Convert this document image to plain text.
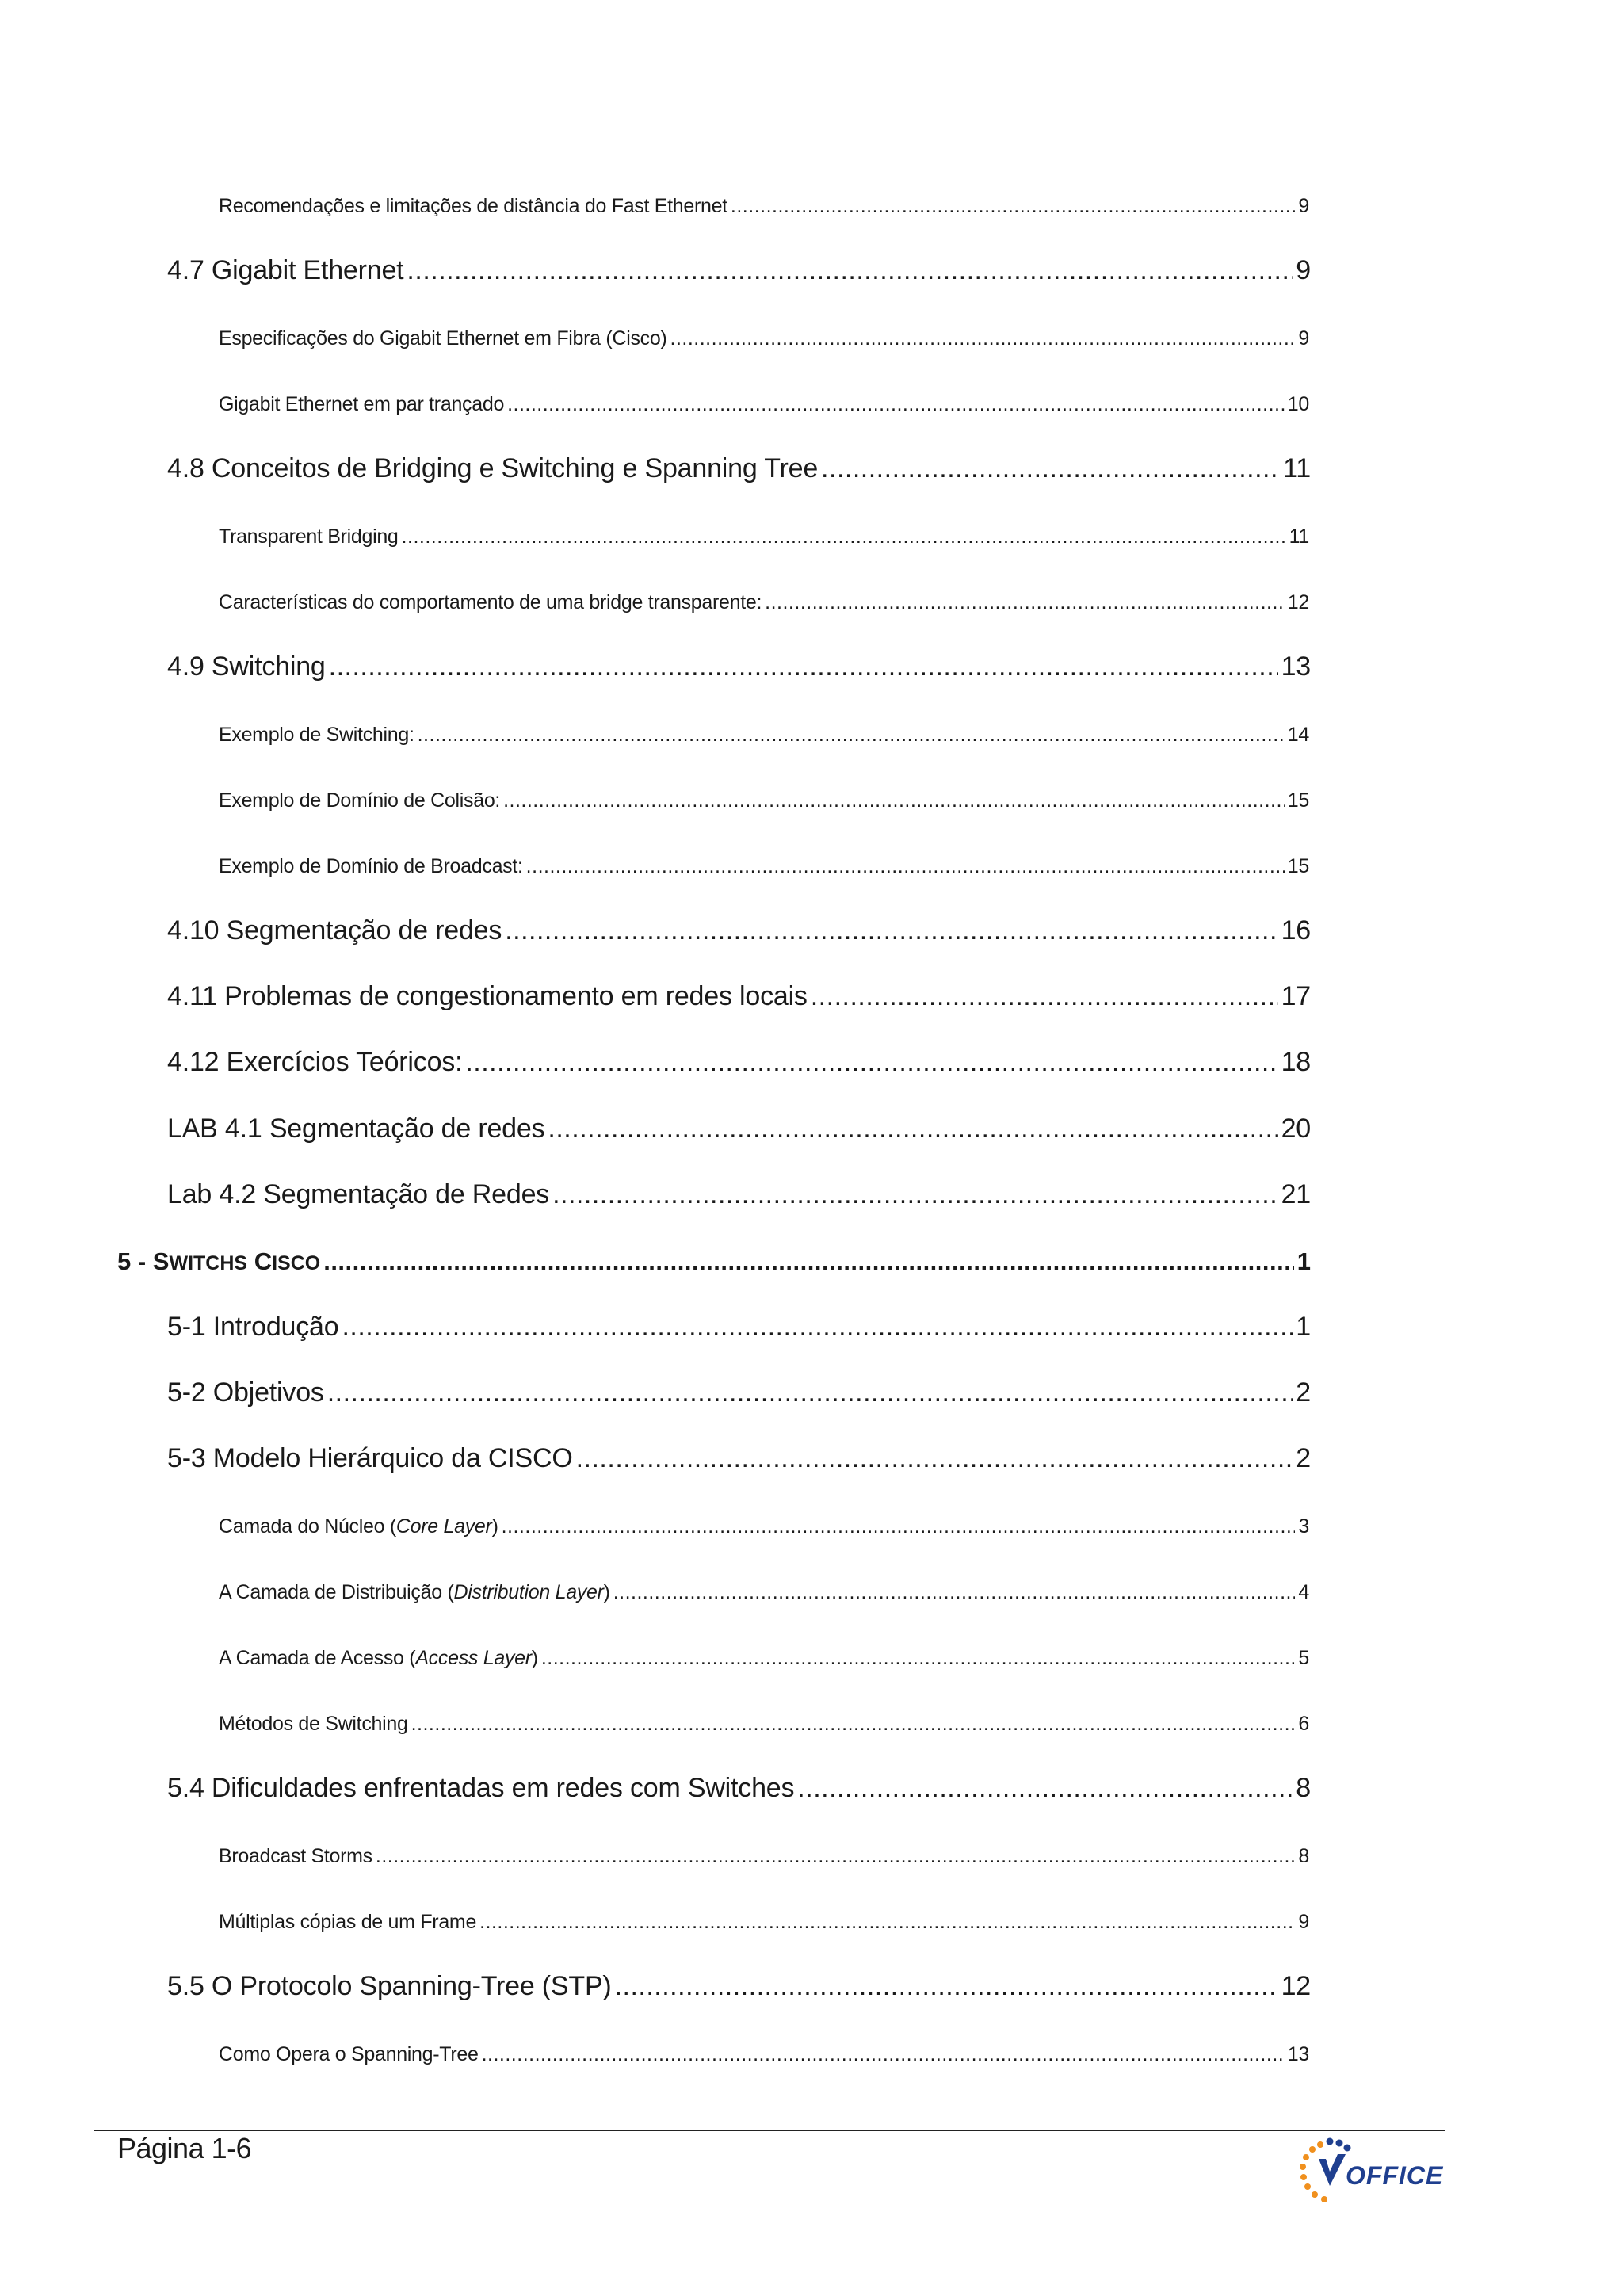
Recomendações e limitações de distância do Fast Ethernet .....	9
4.7 Gigabit Ethernet .....	9
Especificações do Gigabit Ethernet em Fibra (Cisco) .....	9
Gigabit Ethernet em par trançado .....	10
4.8 Conceitos de Bridging e Switching e Spanning Tree .....	11
Transparent Bridging .....	11
Características do comportamento de uma bridge transparente: .....	12
4.9 Switching .....	13
Exemplo de Switching: .....	14
Exemplo de Domínio de Colisão: .....	15
Exemplo de Domínio de Broadcast: .....	15
4.10 Segmentação de redes .....	16
4.11 Problemas de congestionamento em redes locais .....	17
4.12 Exercícios Teóricos: .....	18
LAB 4.1 Segmentação de redes .....	20
Lab 4.2 Segmentação de Redes .....	21
5 - SWITCHS CISCO .....	1
5-1 Introdução .....	1
5-2 Objetivos .....	2
5-3 Modelo Hierárquico da CISCO .....	2
Camada do Núcleo (Core Layer) .....	3
A Camada de Distribuição (Distribution Layer) .....	4
A Camada de Acesso (Access Layer) .....	5
Métodos de Switching .....	6
5.4 Dificuldades enfrentadas em redes com Switches .....	8
Broadcast Storms .....	8
Múltiplas cópias de um Frame .....	9
5.5 O Protocolo Spanning-Tree (STP) .....	12
Como Opera o Spanning-Tree .....	13
Página 1-6
OFFICE
